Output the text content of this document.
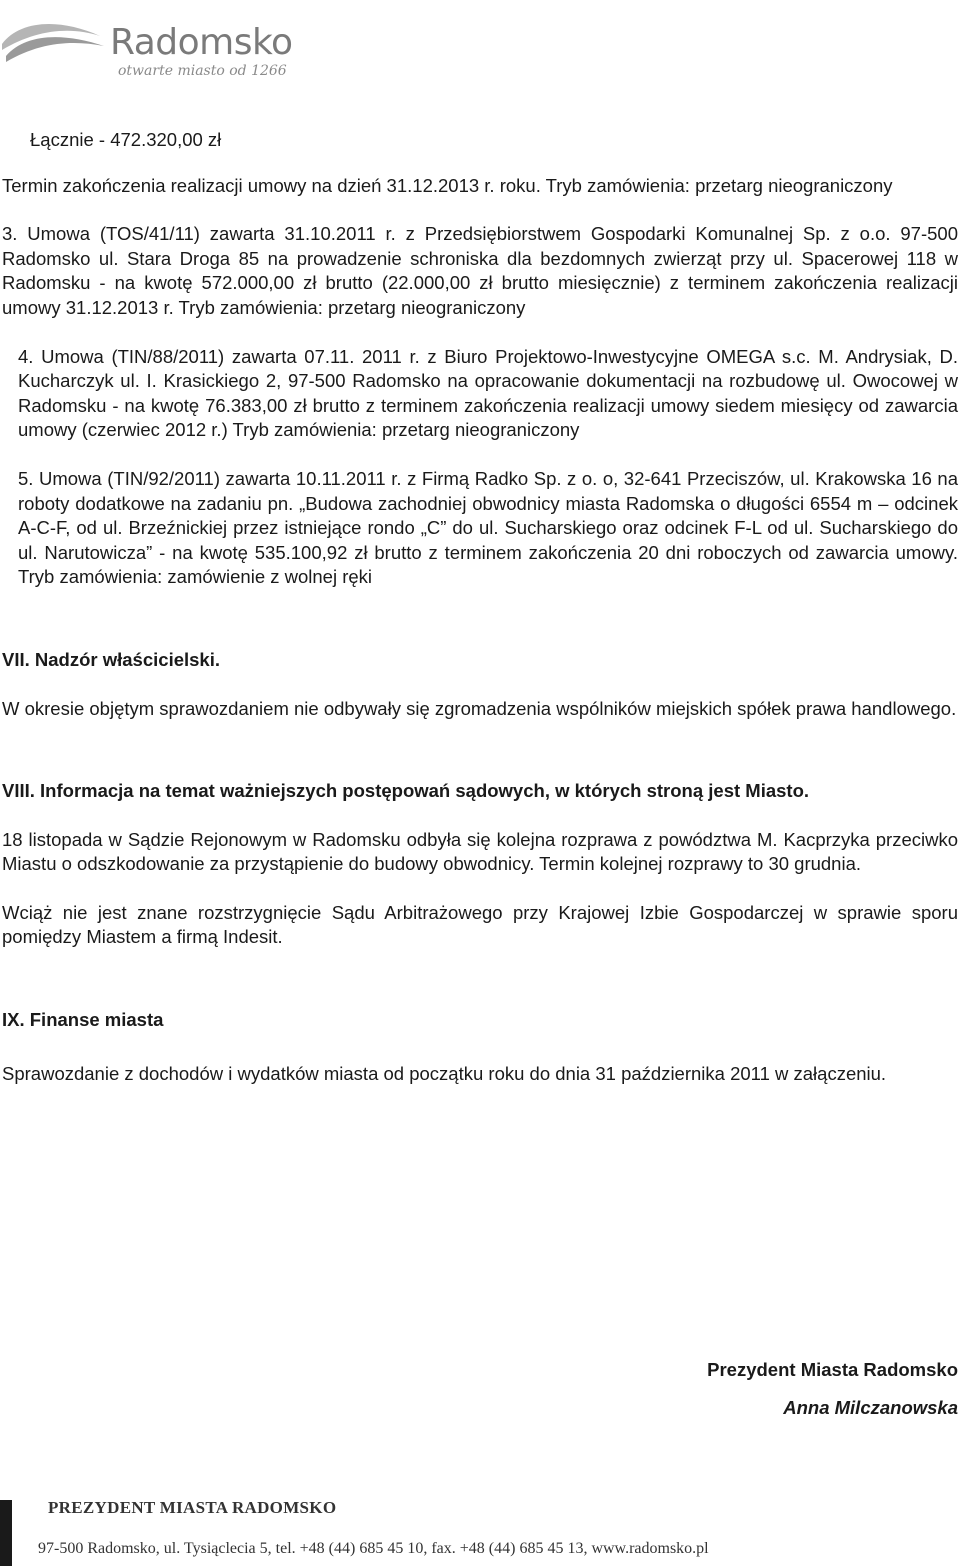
Radomsko
otwarte miasto od 1266

Łącznie - 472.320,00 zł

Termin zakończenia realizacji umowy na dzień 31.12.2013 r. roku. Tryb zamówienia: przetarg nieograniczony

3. Umowa (TOS/41/11) zawarta 31.10.2011 r. z Przedsiębiorstwem Gospodarki Komunalnej Sp. z o.o. 97-500 Radomsko ul. Stara Droga 85 na prowadzenie schroniska dla bezdomnych zwierząt przy ul. Spacerowej 118 w Radomsku - na kwotę 572.000,00 zł brutto (22.000,00 zł brutto miesięcznie) z terminem zakończenia realizacji umowy 31.12.2013 r. Tryb zamówienia: przetarg nieograniczony

4. Umowa (TIN/88/2011) zawarta 07.11. 2011 r. z Biuro Projektowo-Inwestycyjne OMEGA s.c. M. Andrysiak, D. Kucharczyk ul. I. Krasickiego 2, 97-500 Radomsko na opracowanie dokumentacji na rozbudowę ul. Owocowej w Radomsku - na kwotę 76.383,00 zł brutto z terminem zakończenia realizacji umowy siedem miesięcy od zawarcia umowy (czerwiec 2012 r.) Tryb zamówienia: przetarg nieograniczony

5. Umowa (TIN/92/2011) zawarta 10.11.2011 r. z Firmą Radko Sp. z o. o, 32-641 Przeciszów, ul. Krakowska 16 na roboty dodatkowe na zadaniu pn. „Budowa zachodniej obwodnicy miasta Radomska o długości 6554 m – odcinek A-C-F, od ul. Brzeźnickiej przez istniejące rondo „C” do ul. Sucharskiego oraz odcinek F-L od ul. Sucharskiego do ul. Narutowicza” - na kwotę 535.100,92 zł brutto z terminem zakończenia 20 dni roboczych od zawarcia umowy. Tryb zamówienia: zamówienie z wolnej ręki

VII. Nadzór właścicielski.

W okresie objętym sprawozdaniem nie odbywały się zgromadzenia wspólników miejskich spółek prawa handlowego.

VIII. Informacja na temat ważniejszych postępowań sądowych, w których stroną jest Miasto.

18 listopada w Sądzie Rejonowym w Radomsku odbyła się kolejna rozprawa z powództwa M. Kacprzyka przeciwko Miastu o odszkodowanie za przystąpienie do budowy obwodnicy. Termin kolejnej rozprawy to 30 grudnia.

Wciąż nie jest znane rozstrzygnięcie Sądu Arbitrażowego przy Krajowej Izbie Gospodarczej w sprawie sporu pomiędzy Miastem a firmą Indesit.

IX. Finanse miasta

Sprawozdanie z dochodów i wydatków miasta od początku roku do dnia 31 października 2011 w załączeniu.

Prezydent Miasta Radomsko
Anna Milczanowska
PREZYDENT MIASTA RADOMSKO
97-500 Radomsko, ul. Tysiąclecia 5, tel. +48 (44) 685 45 10, fax. +48 (44) 685 45 13, www.radomsko.pl
